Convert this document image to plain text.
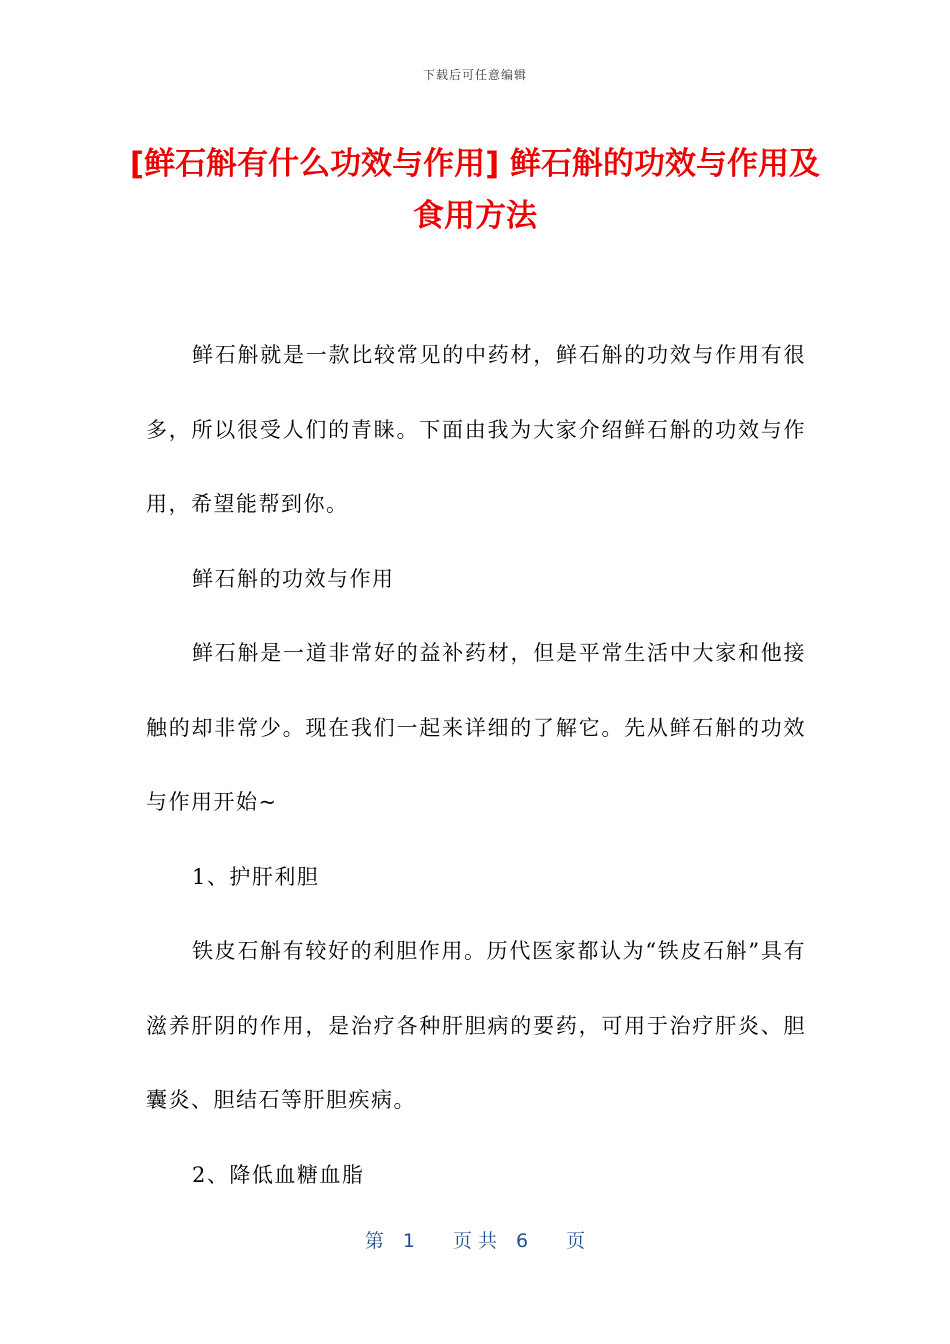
下载后可任意编辑
[鲜石斛有什么功效与作用] 鲜石斛的功效与作用及食用方法

鲜石斛就是一款比较常见的中药材，鲜石斛的功效与作用有很多，所以很受人们的青睐。下面由我为大家介绍鲜石斛的功效与作用，希望能帮到你。

鲜石斛的功效与作用

鲜石斛是一道非常好的益补药材，但是平常生活中大家和他接触的却非常少。现在我们一起来详细的了解它。先从鲜石斛的功效与作用开始~

1、护肝利胆

铁皮石斛有较好的利胆作用。历代医家都认为“铁皮石斛”具有滋养肝阴的作用，是治疗各种肝胆病的要药，可用于治疗肝炎、胆囊炎、胆结石等肝胆疾病。

2、降低血糖血脂

第　1　　页 共　6　　页
